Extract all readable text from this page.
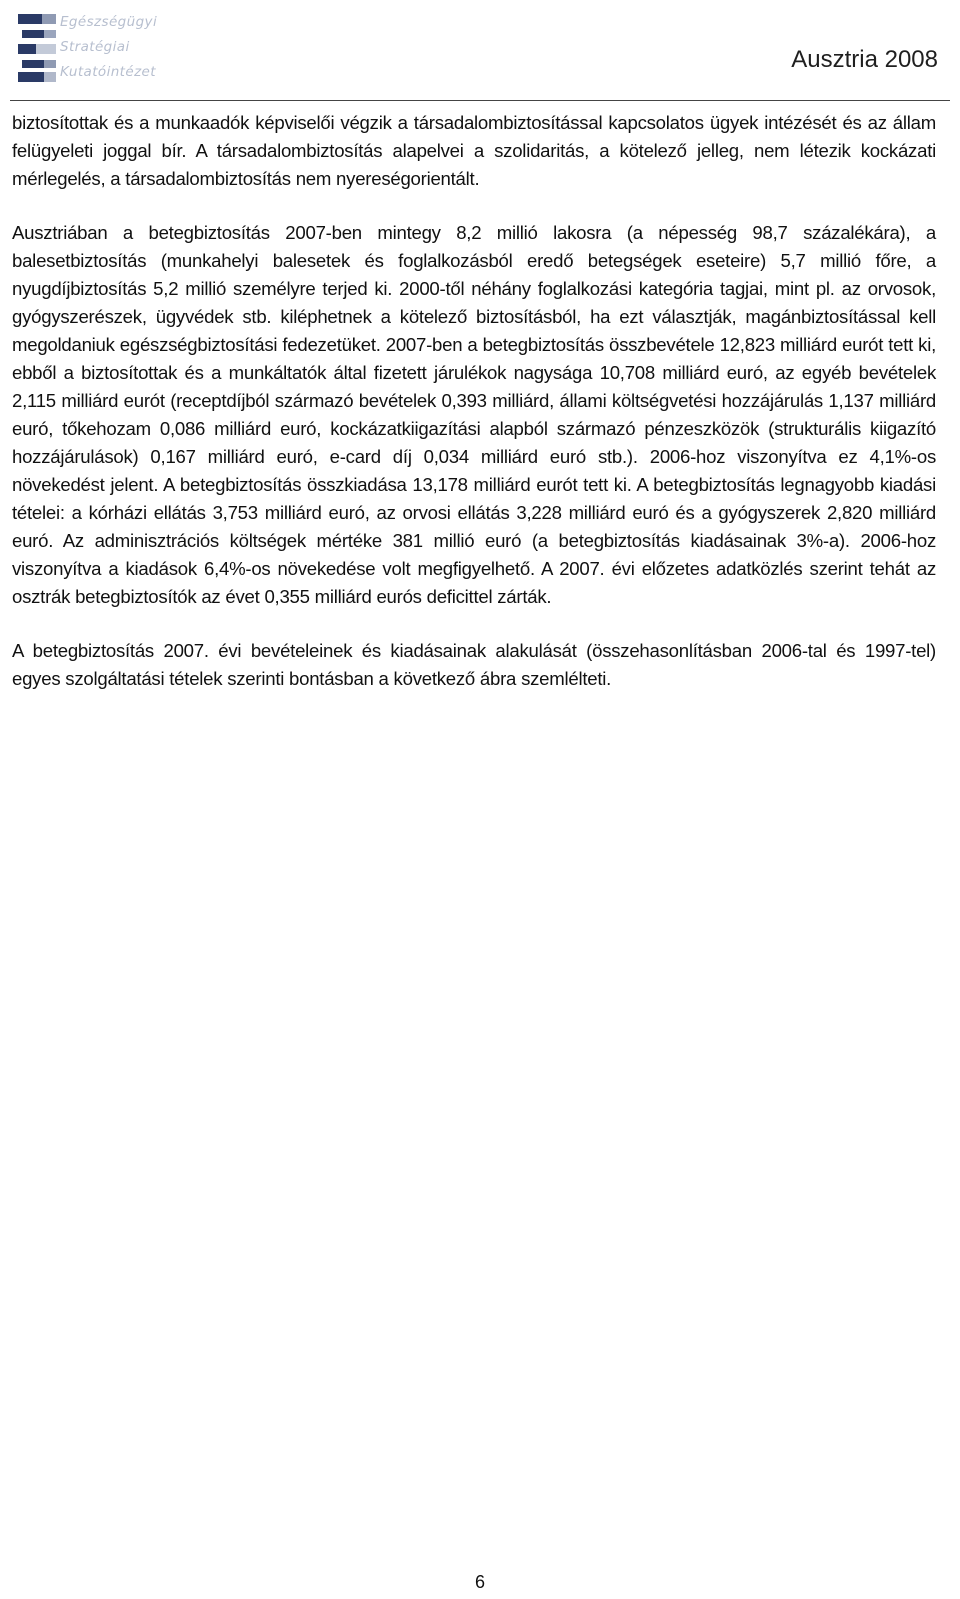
Egészségügyi
Stratégiai
Kutatóintézet	Ausztria 2008

biztosítottak és a munkaadók képviselői végzik a társadalombiztosítással kapcsolatos ügyek intézését és az állam felügyeleti joggal bír. A társadalombiztosítás alapelvei a szolidaritás, a kötelező jelleg, nem létezik kockázati mérlegelés, a társadalombiztosítás nem nyereségorientált.

Ausztriában a betegbiztosítás 2007-ben mintegy 8,2 millió lakosra (a népesség 98,7 százalékára), a balesetbiztosítás (munkahelyi balesetek és foglalkozásból eredő betegségek eseteire) 5,7 millió főre, a nyugdíjbiztosítás 5,2 millió személyre terjed ki. 2000-től néhány foglalkozási kategória tagjai, mint pl. az orvosok, gyógyszerészek, ügyvédek stb. kiléphetnek a kötelező biztosításból, ha ezt választják, magánbiztosítással kell megoldaniuk egészségbiztosítási fedezetüket. 2007-ben a betegbiztosítás összbevétele 12,823 milliárd eurót tett ki, ebből a biztosítottak és a munkáltatók által fizetett járulékok nagysága 10,708 milliárd euró, az egyéb bevételek 2,115 milliárd eurót (receptdíjból származó bevételek 0,393 milliárd, állami költségvetési hozzájárulás 1,137 milliárd euró, tőkehozam 0,086 milliárd euró, kockázatkiigazítási alapból származó pénzeszközök (strukturális kiigazító hozzájárulások) 0,167 milliárd euró, e-card díj 0,034 milliárd euró stb.). 2006-hoz viszonyítva ez 4,1%-os növekedést jelent. A betegbiztosítás összkiadása 13,178 milliárd eurót tett ki. A betegbiztosítás legnagyobb kiadási tételei: a kórházi ellátás 3,753 milliárd euró, az orvosi ellátás 3,228 milliárd euró és a gyógyszerek 2,820 milliárd euró. Az adminisztrációs költségek mértéke 381 millió euró (a betegbiztosítás kiadásainak 3%-a). 2006-hoz viszonyítva a kiadások 6,4%-os növekedése volt megfigyelhető. A 2007. évi előzetes adatközlés szerint tehát az osztrák betegbiztosítók az évet 0,355 milliárd eurós deficittel zárták.

A betegbiztosítás 2007. évi bevételeinek és kiadásainak alakulását (összehasonlításban 2006-tal és 1997-tel) egyes szolgáltatási tételek szerinti bontásban a következő ábra szemlélteti.

6
